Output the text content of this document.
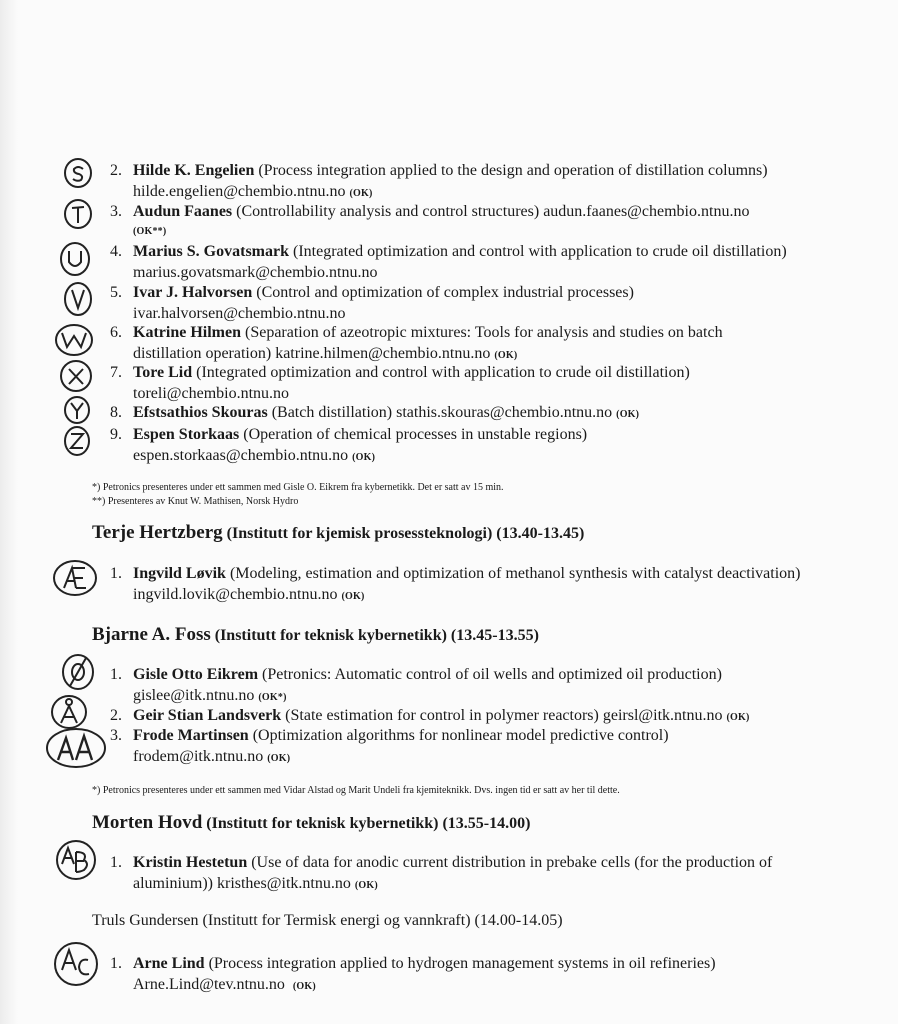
2. Hilde K. Engelien (Process integration applied to the design and operation of distillation columns)
hilde.engelien@chembio.ntnu.no (OK)
3. Audun Faanes (Controllability analysis and control structures) audun.faanes@chembio.ntnu.no
(OK**)
4. Marius S. Govatsmark (Integrated optimization and control with application to crude oil distillation) marius.govatsmark@chembio.ntnu.no
5. Ivar J. Halvorsen (Control and optimization of complex industrial processes)
ivar.halvorsen@chembio.ntnu.no
6. Katrine Hilmen (Separation of azeotropic mixtures: Tools for analysis and studies on batch distillation operation) katrine.hilmen@chembio.ntnu.no (OK)
7. Tore Lid (Integrated optimization and control with application to crude oil distillation)
toreli@chembio.ntnu.no
8. Efstsathios Skouras (Batch distillation) stathis.skouras@chembio.ntnu.no (OK)
9. Espen Storkaas (Operation of chemical processes in unstable regions)
espen.storkaas@chembio.ntnu.no (OK)
*) Petronics presenteres under ett sammen med Gisle O. Eikrem fra kybernetikk. Det er satt av 15 min.
**) Presenteres av Knut W. Mathisen, Norsk Hydro
Terje Hertzberg (Institutt for kjemisk prosessteknologi) (13.40-13.45)
1. Ingvild Løvik (Modeling, estimation and optimization of methanol synthesis with catalyst deactivation) ingvild.lovik@chembio.ntnu.no (OK)
Bjarne A. Foss (Institutt for teknisk kybernetikk) (13.45-13.55)
1. Gisle Otto Eikrem (Petronics: Automatic control of oil wells and optimized oil production)
gislee@itk.ntnu.no (OK*)
2. Geir Stian Landsverk (State estimation for control in polymer reactors) geirsl@itk.ntnu.no (OK)
3. Frode Martinsen (Optimization algorithms for nonlinear model predictive control)
frodem@itk.ntnu.no (OK)
*) Petronics presenteres under ett sammen med Vidar Alstad og Marit Undeli fra kjemiteknikk. Dvs. ingen tid er satt av her til dette.
Morten Hovd (Institutt for teknisk kybernetikk) (13.55-14.00)
1. Kristin Hestetun (Use of data for anodic current distribution in prebake cells (for the production of aluminium)) kristhes@itk.ntnu.no (OK)
Truls Gundersen (Institutt for Termisk energi og vannkraft) (14.00-14.05)
1. Arne Lind (Process integration applied to hydrogen management systems in oil refineries)
Arne.Lind@tev.ntnu.no (OK)
